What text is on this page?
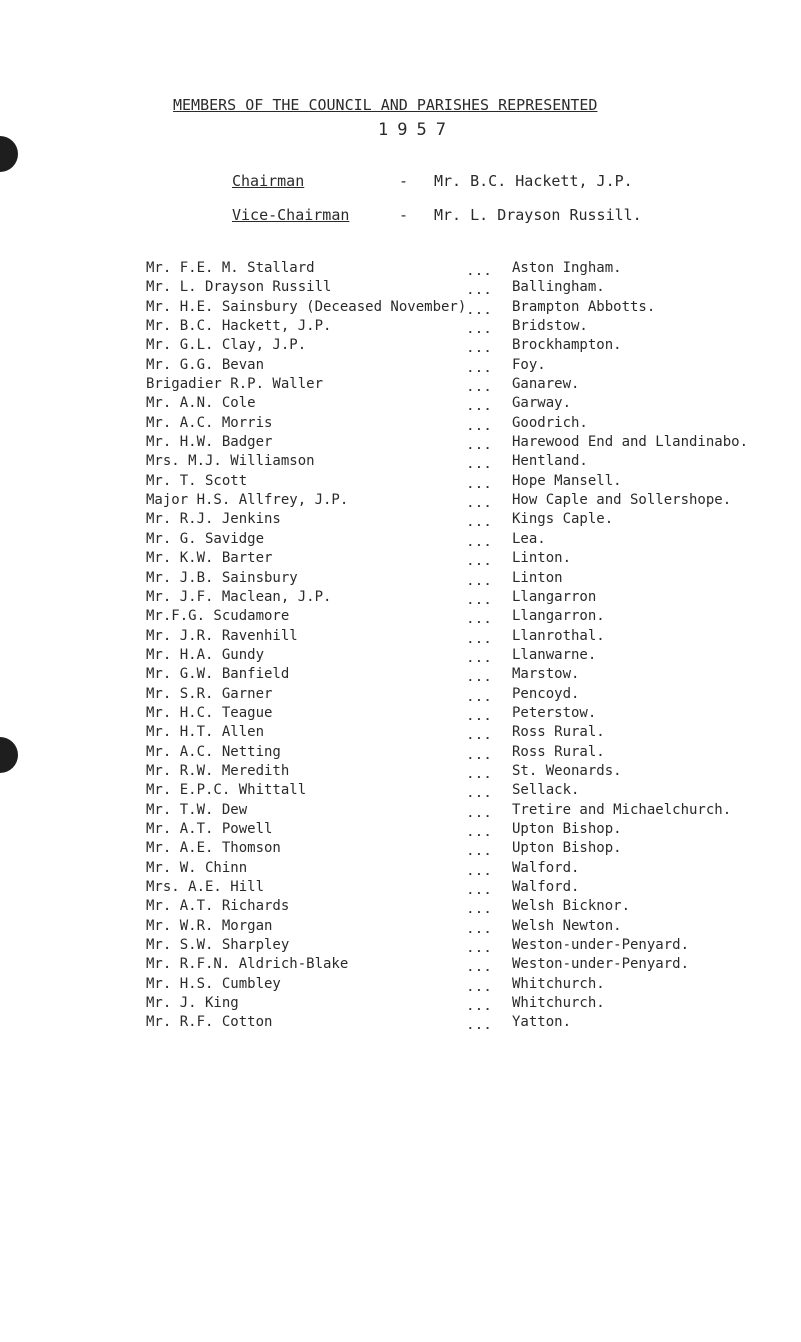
MEMBERS OF THE COUNCIL AND PARISHES REPRESENTED
1957
Chairman	- Mr. B.C. Hackett, J.P.
Vice-Chairman	- Mr. L. Drayson Russill.
Mr. F.E. M. Stallard	... Aston Ingham.
Mr. L. Drayson Russill	... Ballingham.
Mr. H.E. Sainsbury (Deceased November) ... Brampton Abbotts.
Mr. B.C. Hackett, J.P.	... Bridstow.
Mr. G.L. Clay, J.P.	... Brockhampton.
Mr. G.G. Bevan	... Foy.
Brigadier R.P. Waller	... Ganarew.
Mr. A.N. Cole	... Garway.
Mr. A.C. Morris	... Goodrich.
Mr. H.W. Badger	... Harewood End and Llandinabo.
Mrs. M.J. Williamson	... Hentland.
Mr. T. Scott	... Hope Mansell.
Major H.S. Allfrey, J.P.	... How Caple and Sollershope.
Mr. R.J. Jenkins	... Kings Caple.
Mr. G. Savidge	... Lea.
Mr. K.W. Barter	... Linton.
Mr. J.B. Sainsbury	... Linton
Mr. J.F. Maclean, J.P.	... Llangarron
Mr.F.G. Scudamore	... Llangarron.
Mr. J.R. Ravenhill	... Llanrothal.
Mr. H.A. Gundy	... Llanwarne.
Mr. G.W. Banfield	... Marstow.
Mr. S.R. Garner	... Pencoyd.
Mr. H.C. Teague	... Peterstow.
Mr. H.T. Allen	... Ross Rural.
Mr. A.C. Netting	... Ross Rural.
Mr. R.W. Meredith	... St. Weonards.
Mr. E.P.C. Whittall	... Sellack.
Mr. T.W. Dew	... Tretire and Michaelchurch.
Mr. A.T. Powell	... Upton Bishop.
Mr. A.E. Thomson	... Upton Bishop.
Mr. W. Chinn	... Walford.
Mrs. A.E. Hill	... Walford.
Mr. A.T. Richards	... Welsh Bicknor.
Mr. W.R. Morgan	... Welsh Newton.
Mr. S.W. Sharpley	... Weston-under-Penyard.
Mr. R.F.N. Aldrich-Blake	... Weston-under-Penyard.
Mr. H.S. Cumbley	... Whitchurch.
Mr. J. King	... Whitchurch.
Mr. R.F. Cotton	... Yatton.
